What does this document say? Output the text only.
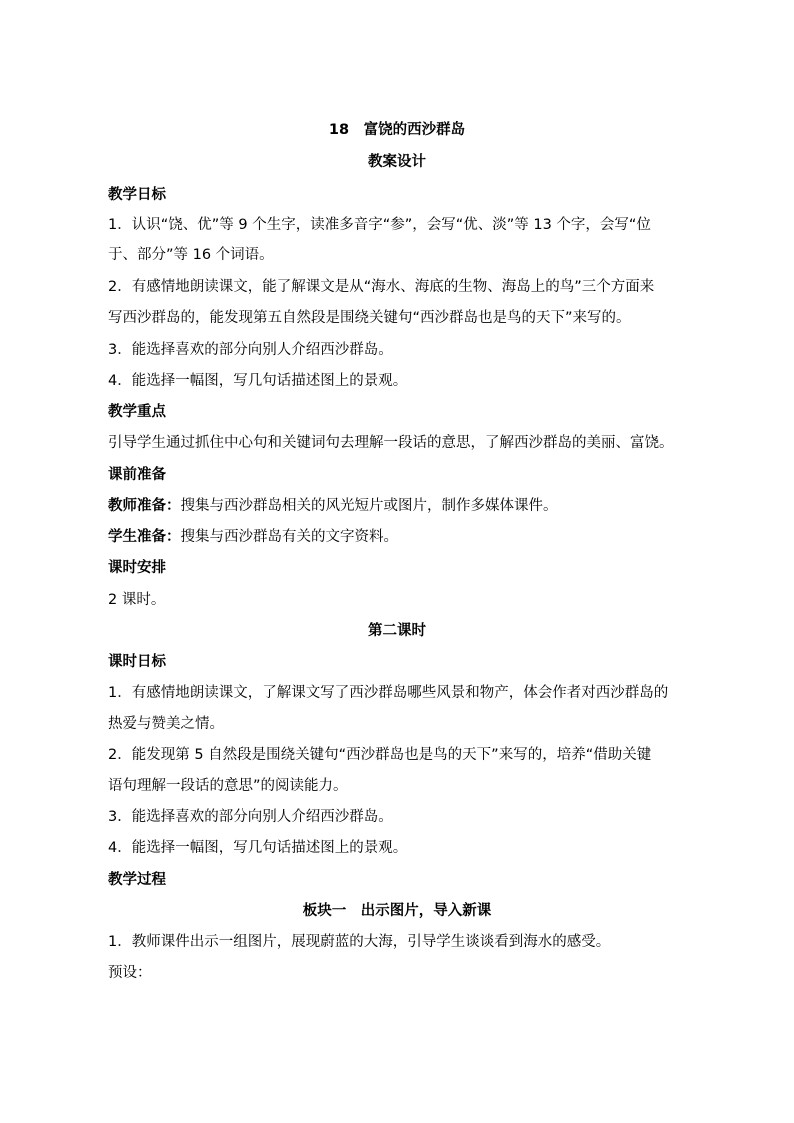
18　富饶的西沙群岛
教案设计
教学日标
1．认识“饶、优”等 9 个生字，读准多音字“参”，会写“优、淡”等 13 个字，会写“位
于、部分”等 16 个词语。
2．有感情地朗读课文，能了解课文是从“海水、海底的生物、海岛上的鸟”三个方面来
写西沙群岛的，能发现第五自然段是围绕关键句“西沙群岛也是鸟的天下”来写的。
3．能选择喜欢的部分向别人介绍西沙群岛。
4．能选择一幅图，写几句话描述图上的景观。
教学重点
引导学生通过抓住中心句和关键词句去理解一段话的意思，了解西沙群岛的美丽、富饶。
课前准备
教师准备：搜集与西沙群岛相关的风光短片或图片，制作多媒体课件。
学生准备：搜集与西沙群岛有关的文字资料。
课时安排
2 课时。
第二课时
课时日标
1．有感情地朗读课文，了解课文写了西沙群岛哪些风景和物产，体会作者对西沙群岛的
热爱与赞美之情。
2．能发现第 5 自然段是围绕关键句“西沙群岛也是鸟的天下”来写的，培养“借助关键
语句理解一段话的意思”的阅读能力。
3．能选择喜欢的部分向别人介绍西沙群岛。
4．能选择一幅图，写几句话描述图上的景观。
教学过程
板块一　出示图片，导入新课
1．教师课件出示一组图片，展现蔚蓝的大海，引导学生谈谈看到海水的感受。
预设：
